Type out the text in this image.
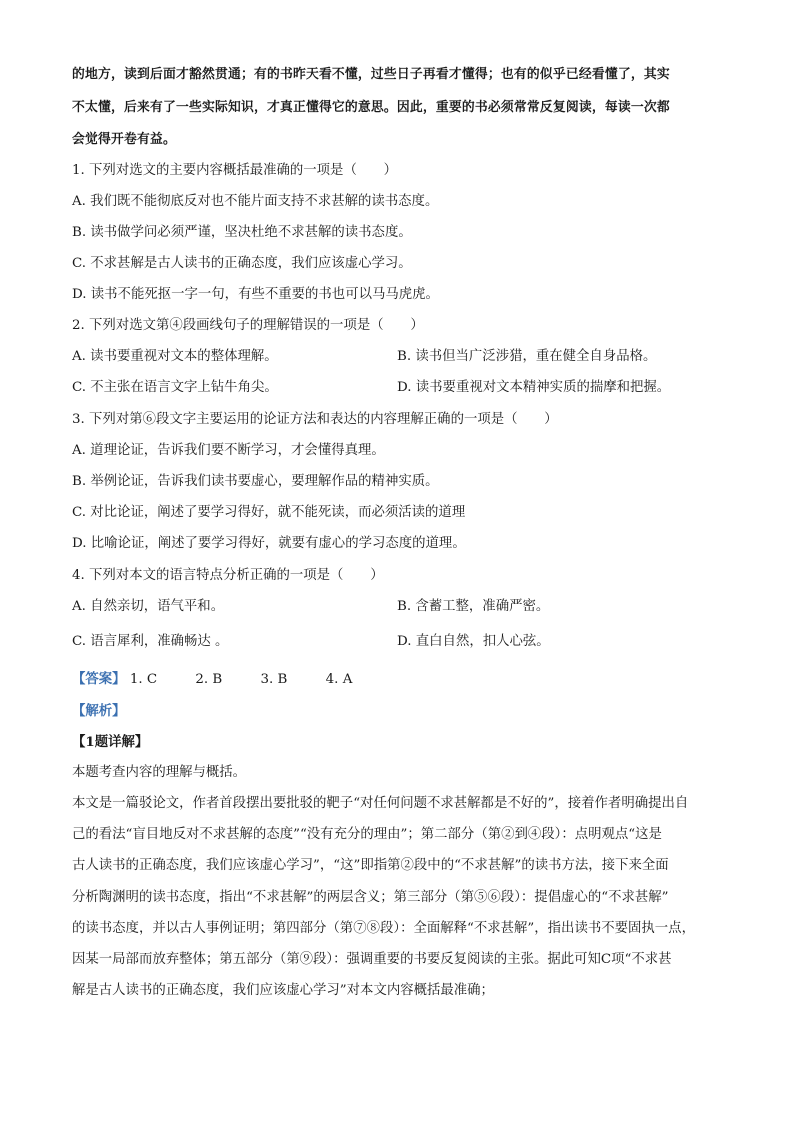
的地方，读到后面才豁然贯通；有的书昨天看不懂，过些日子再看才懂得；也有的似乎已经看懂了，其实
不太懂，后来有了一些实际知识，才真正懂得它的意思。因此，重要的书必须常常反复阅读，每读一次都
会觉得开卷有益。
1. 下列对选文的主要内容概括最准确的一项是（　　）
A. 我们既不能彻底反对也不能片面支持不求甚解的读书态度。
B. 读书做学问必须严谨，坚决杜绝不求甚解的读书态度。
C. 不求甚解是古人读书的正确态度，我们应该虚心学习。
D. 读书不能死抠一字一句，有些不重要的书也可以马马虎虎。
2. 下列对选文第④段画线句子的理解错误的一项是（　　）
A. 读书要重视对文本的整体理解。	B. 读书但当广泛涉猎，重在健全自身品格。
C. 不主张在语言文字上钻牛角尖。	D. 读书要重视对文本精神实质的揣摩和把握。
3. 下列对第⑥段文字主要运用的论证方法和表达的内容理解正确的一项是（　　）
A. 道理论证，告诉我们要不断学习，才会懂得真理。
B. 举例论证，告诉我们读书要虚心，要理解作品的精神实质。
C. 对比论证，阐述了要学习得好，就不能死读，而必须活读的道理
D. 比喻论证，阐述了要学习得好，就要有虚心的学习态度的道理。
4. 下列对本文的语言特点分析正确的一项是（　　）
A. 自然亲切，语气平和。	B. 含蓄工整，准确严密。
C. 语言犀利，准确畅达 。	D. 直白自然，扣人心弦。
【答案】 1. C	2. B	3. B	4. A
【解析】
【1题详解】
本题考查内容的理解与概括。
本文是一篇驳论文，作者首段摆出要批驳的靶子“对任何问题不求甚解都是不好的”，接着作者明确提出自
己的看法“盲目地反对不求甚解的态度”“没有充分的理由”；第二部分（第②到④段）：点明观点“这是
古人读书的正确态度，我们应该虚心学习”，“这”即指第②段中的“不求甚解”的读书方法，接下来全面
分析陶渊明的读书态度，指出“不求甚解”的两层含义；第三部分（第⑤⑥段）：提倡虚心的“不求甚解”
的读书态度，并以古人事例证明；第四部分（第⑦⑧段）：全面解释“不求甚解”，指出读书不要固执一点，
因某一局部而放弃整体；第五部分（第⑨段）：强调重要的书要反复阅读的主张。据此可知C项“不求甚
解是古人读书的正确态度，我们应该虚心学习”对本文内容概括最准确；
